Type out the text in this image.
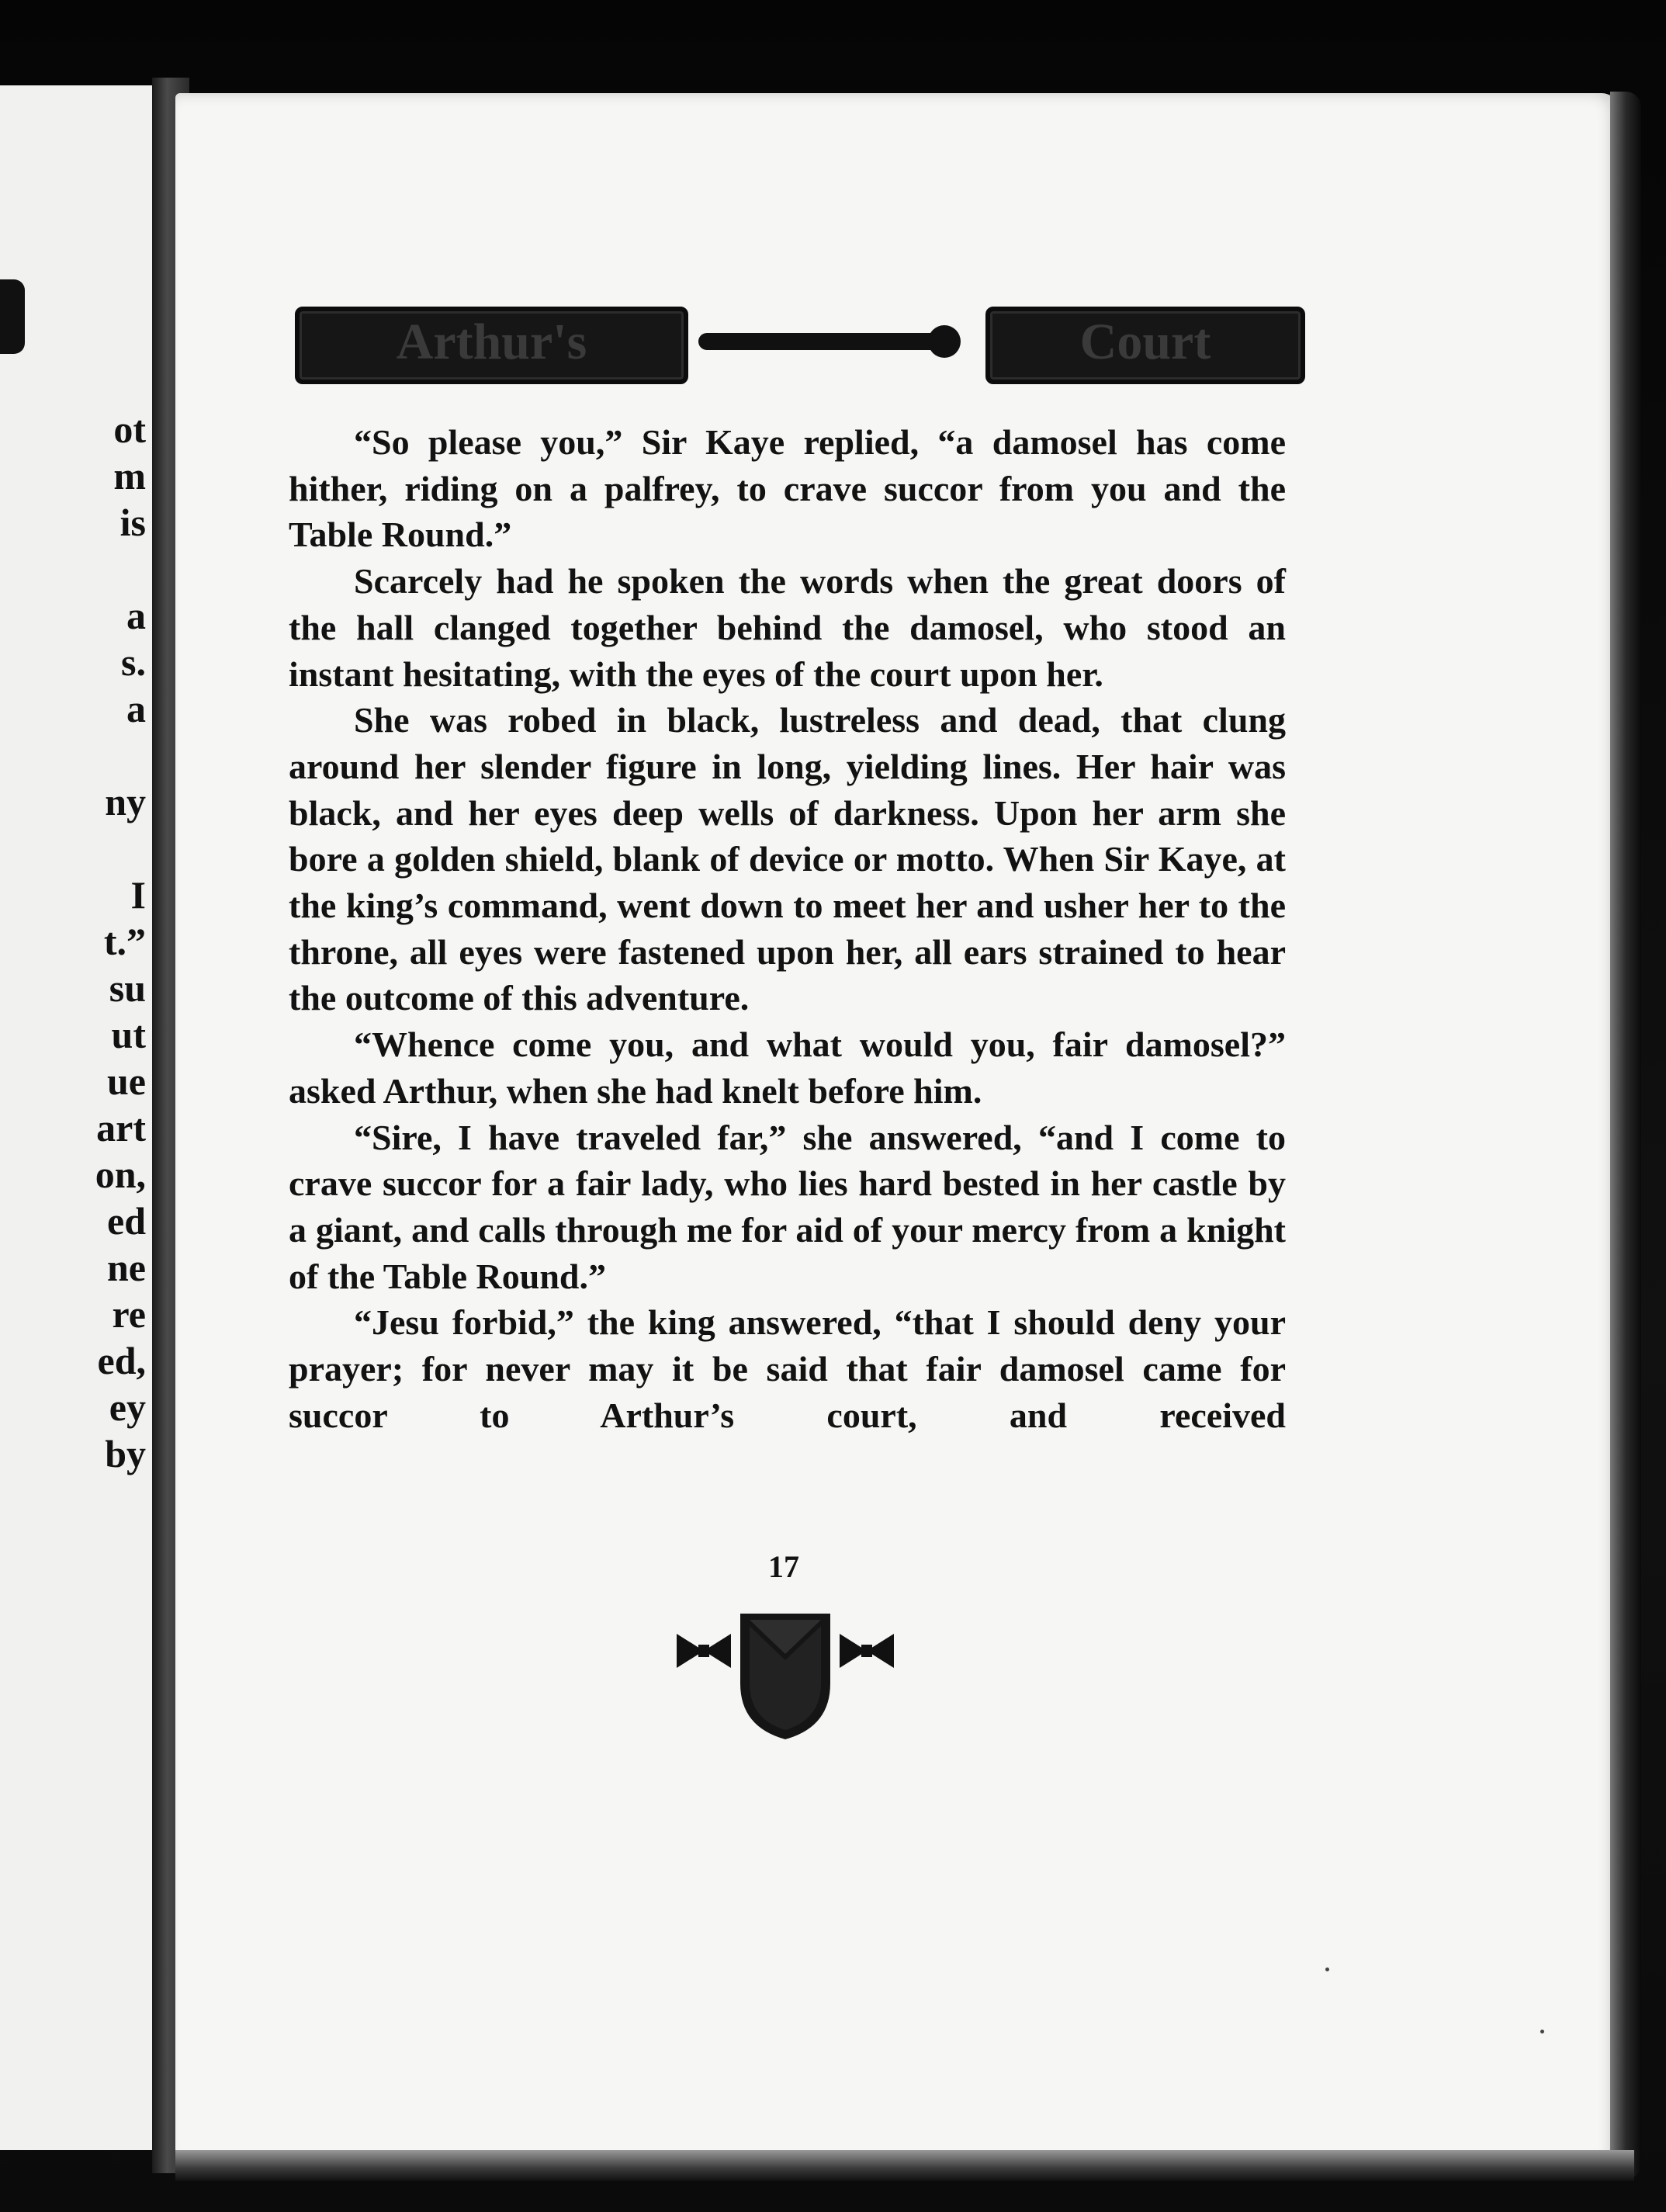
ot
m
is
a
s.
a
ny
I
t.”
su
ut
ue
art
on,
ed
ne
re
ed,
ey
by
Arthur's	Court

“So please you,” Sir Kaye replied, “a damosel has come hither, riding on a palfrey, to crave succor from you and the Table Round.”

Scarcely had he spoken the words when the great doors of the hall clanged together behind the damosel, who stood an instant hesitating, with the eyes of the court upon her.

She was robed in black, lustreless and dead, that clung around her slender figure in long, yielding lines. Her hair was black, and her eyes deep wells of darkness. Upon her arm she bore a golden shield, blank of device or motto. When Sir Kaye, at the king’s command, went down to meet her and usher her to the throne, all eyes were fastened upon her, all ears strained to hear the outcome of this adventure.

“Whence come you, and what would you, fair damosel?” asked Arthur, when she had knelt before him.

“Sire, I have traveled far,” she answered, “and I come to crave succor for a fair lady, who lies hard bested in her castle by a giant, and calls through me for aid of your mercy from a knight of the Table Round.”

“Jesu forbid,” the king answered, “that I should deny your prayer; for never may it be said that fair damosel came for succor to Arthur’s court, and received

17
